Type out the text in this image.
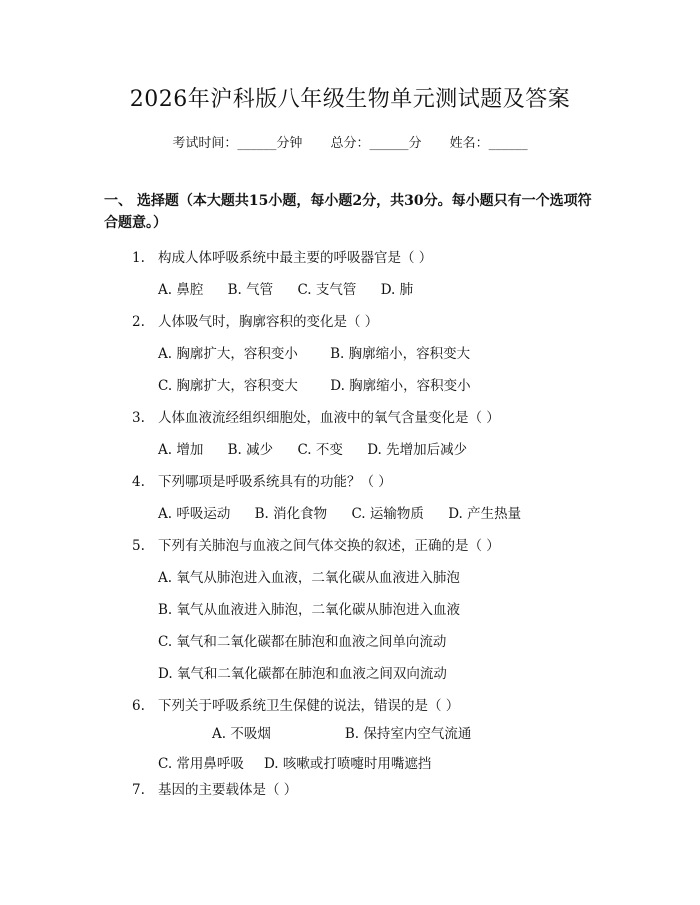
2026年沪科版八年级生物单元测试题及答案
考试时间：______分钟 总分：______分 姓名：______
一、 选择题（本大题共15小题，每小题2分，共30分。每小题只有一个选项符合题意。）
1. 构成人体呼吸系统中最主要的呼吸器官是（ ）
A. 鼻腔 B. 气管 C. 支气管 D. 肺
2. 人体吸气时，胸廓容积的变化是（ ）
A. 胸廓扩大，容积变小 B. 胸廓缩小，容积变大
C. 胸廓扩大，容积变大 D. 胸廓缩小，容积变小
3. 人体血液流经组织细胞处，血液中的氧气含量变化是（ ）
A. 增加 B. 减少 C. 不变 D. 先增加后减少
4. 下列哪项是呼吸系统具有的功能？（ ）
A. 呼吸运动 B. 消化食物 C. 运输物质 D. 产生热量
5. 下列有关肺泡与血液之间气体交换的叙述，正确的是（ ）
A. 氧气从肺泡进入血液，二氧化碳从血液进入肺泡
B. 氧气从血液进入肺泡，二氧化碳从肺泡进入血液
C. 氧气和二氧化碳都在肺泡和血液之间单向流动
D. 氧气和二氧化碳都在肺泡和血液之间双向流动
6. 下列关于呼吸系统卫生保健的说法，错误的是（ ）
A. 不吸烟	B. 保持室内空气流通C. 常用鼻呼吸 D. 咳嗽或打喷嚏时用嘴遮挡
7. 基因的主要载体是（ ）
